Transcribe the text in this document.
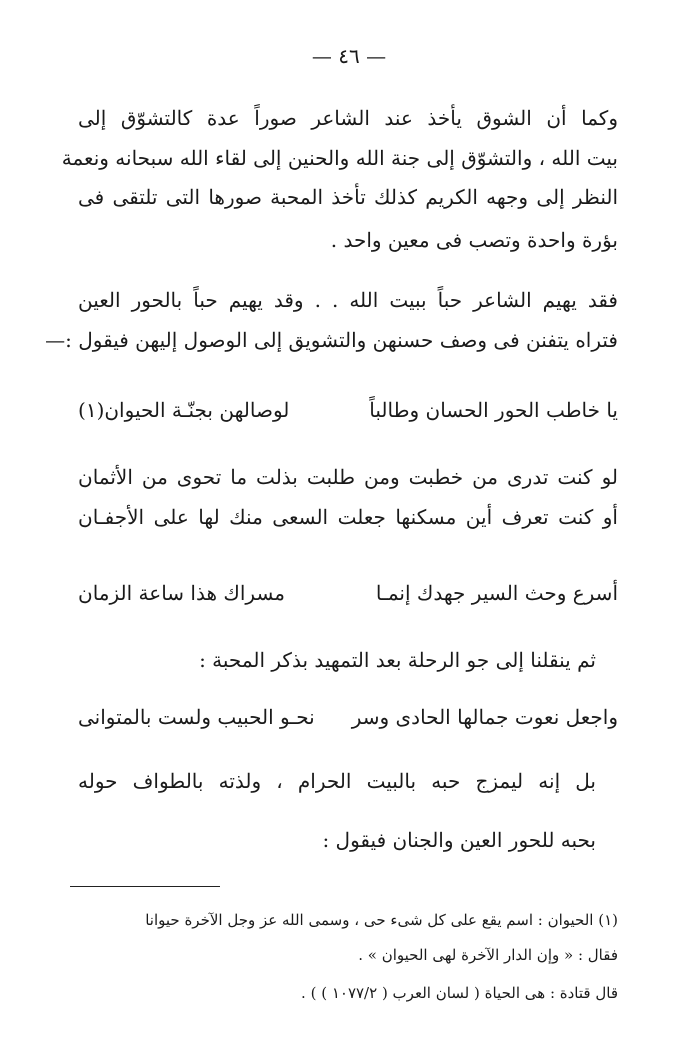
— ٤٦ —
وكما أن الشوق يأخذ عند الشاعر صوراً عدة كالتشوّق إلى
بيت الله ، والتشوّق إلى جنة الله والحنين إلى لقاء الله سبحانه ونعمة
النظر إلى وجهه الكريم كذلك تأخذ المحبة صورها التى تلتقى فى
بؤرة واحدة وتصب فى معين واحد .
فقد يهيم الشاعر حباً ببيت الله . . وقد يهيم حباً بالحور العين
فتراه يتفنن فى وصف حسنهن والتشويق إلى الوصول إليهن فيقول :—
يا خاطب الحور الحسان وطالباً
لوصالهن بجنّـة الحيوان(١)
لو كنت تدرى من خطبت ومن طلبت بذلت ما تحوى من الأثمان
أو كنت تعرف أين مسكنها جعلت السعى منك لها على الأجفـان
أسرع وحث السير جهدك إنمـا
مسراك هذا ساعة الزمان
ثم ينقلنا إلى جو الرحلة بعد التمهيد بذكر المحبة :
واجعل نعوت جمالها الحادى وسر
نحـو الحبيب ولست بالمتوانى
بل إنه ليمزج حبه بالبيت الحرام ، ولذته بالطواف حوله
بحبه للحور العين والجنان فيقول :
(١) الحيوان : اسم يقع على كل شىء حى ، وسمى الله عز وجل الآخرة حيوانا
فقال : « وإن الدار الآخرة لهى الحيوان » .
قال قتادة : هى الحياة ( لسان العرب ( ١٠٧٧/٢ ) ) .
